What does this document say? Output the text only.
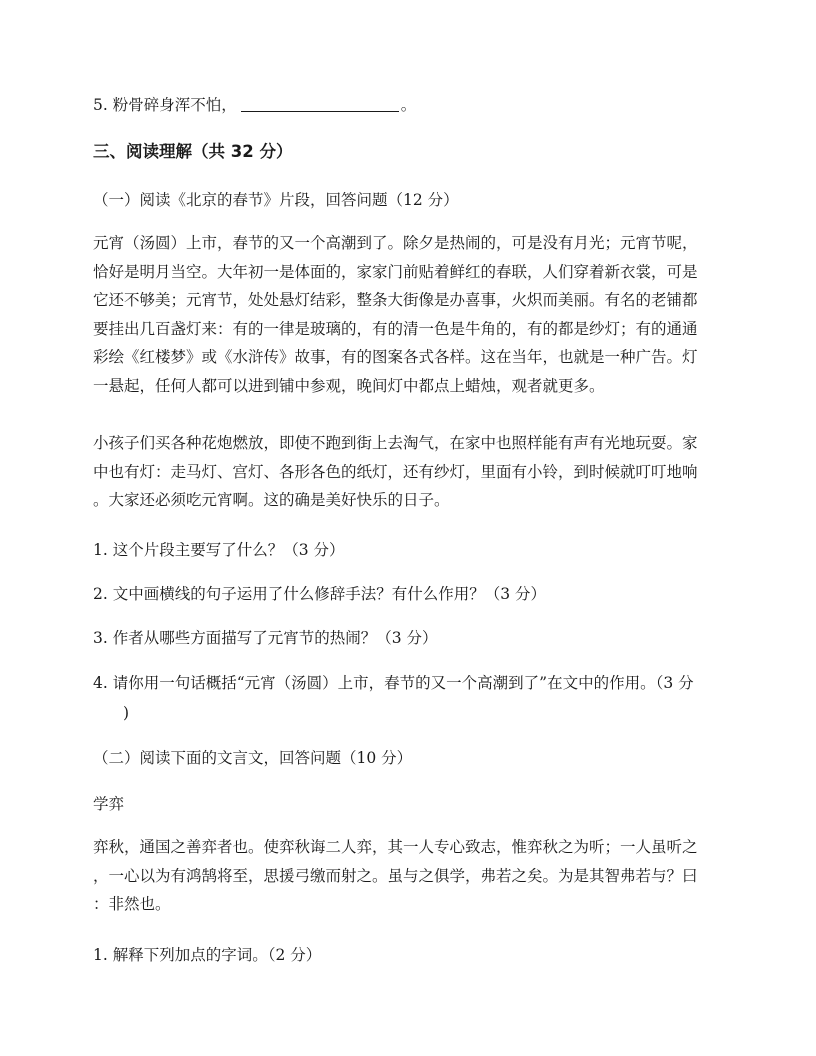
5. 粉骨碎身浑不怕，	。
三、阅读理解（共 32 分）
（一）阅读《北京的春节》片段，回答问题（12 分）
元宵（汤圆）上市，春节的又一个高潮到了。除夕是热闹的，可是没有月光；元宵节呢，
恰好是明月当空。大年初一是体面的，家家门前贴着鲜红的春联，人们穿着新衣裳，可是
它还不够美；元宵节，处处悬灯结彩，整条大街像是办喜事，火炽而美丽。有名的老铺都
要挂出几百盏灯来：有的一律是玻璃的，有的清一色是牛角的，有的都是纱灯；有的通通
彩绘《红楼梦》或《水浒传》故事，有的图案各式各样。这在当年，也就是一种广告。灯
一悬起，任何人都可以进到铺中参观，晚间灯中都点上蜡烛，观者就更多。
小孩子们买各种花炮燃放，即使不跑到街上去淘气，在家中也照样能有声有光地玩耍。家
中也有灯：走马灯、宫灯、各形各色的纸灯，还有纱灯，里面有小铃，到时候就叮叮地响
。大家还必须吃元宵啊。这的确是美好快乐的日子。
1. 这个片段主要写了什么？（3 分）
2. 文中画横线的句子运用了什么修辞手法？有什么作用？（3 分）
3. 作者从哪些方面描写了元宵节的热闹？（3 分）
4. 请你用一句话概括“元宵（汤圆）上市，春节的又一个高潮到了”在文中的作用。（3 分
)
（二）阅读下面的文言文，回答问题（10 分）
学弈
弈秋，通国之善弈者也。使弈秋诲二人弈，其一人专心致志，惟弈秋之为听；一人虽听之
，一心以为有鸿鹄将至，思援弓缴而射之。虽与之俱学，弗若之矣。为是其智弗若与？曰
：非然也。
1. 解释下列加点的字词。（2 分）
